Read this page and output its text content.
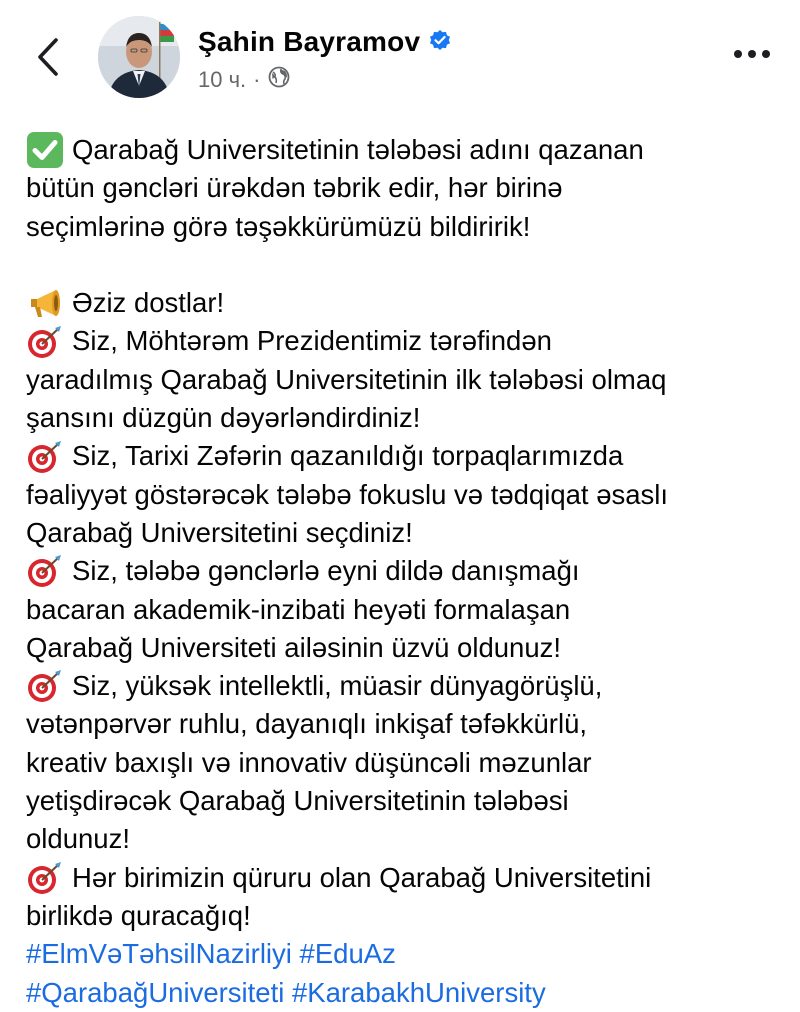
Şahin Bayramov
10 ч. ·
Qarabağ Universitetinin tələbəsi adını qazanan
bütün gəncləri ürəkdən təbrik edir, hər birinə
seçimlərinə görə təşəkkürümüzü bildiririk!
Əziz dostlar!
Siz, Möhtərəm Prezidentimiz tərəfindən
yaradılmış Qarabağ Universitetinin ilk tələbəsi olmaq
şansını düzgün dəyərləndirdiniz!
Siz, Tarixi Zəfərin qazanıldığı torpaqlarımızda
fəaliyyət göstərəcək tələbə fokuslu və tədqiqat əsaslı
Qarabağ Universitetini seçdiniz!
Siz, tələbə gənclərlə eyni dildə danışmağı
bacaran akademik-inzibati heyəti formalaşan
Qarabağ Universiteti ailəsinin üzvü oldunuz!
Siz, yüksək intellektli, müasir dünyagörüşlü,
vətənpərvər ruhlu, dayanıqlı inkişaf təfəkkürlü,
kreativ baxışlı və innovativ düşüncəli məzunlar
yetişdirəcək Qarabağ Universitetinin tələbəsi
oldunuz!
Hər birimizin qüruru olan Qarabağ Universitetini
birlikdə quracağıq!
#ElmVəTəhsilNazirliyi
#EduAz
#QarabağUniversiteti
#KarabakhUniversity
